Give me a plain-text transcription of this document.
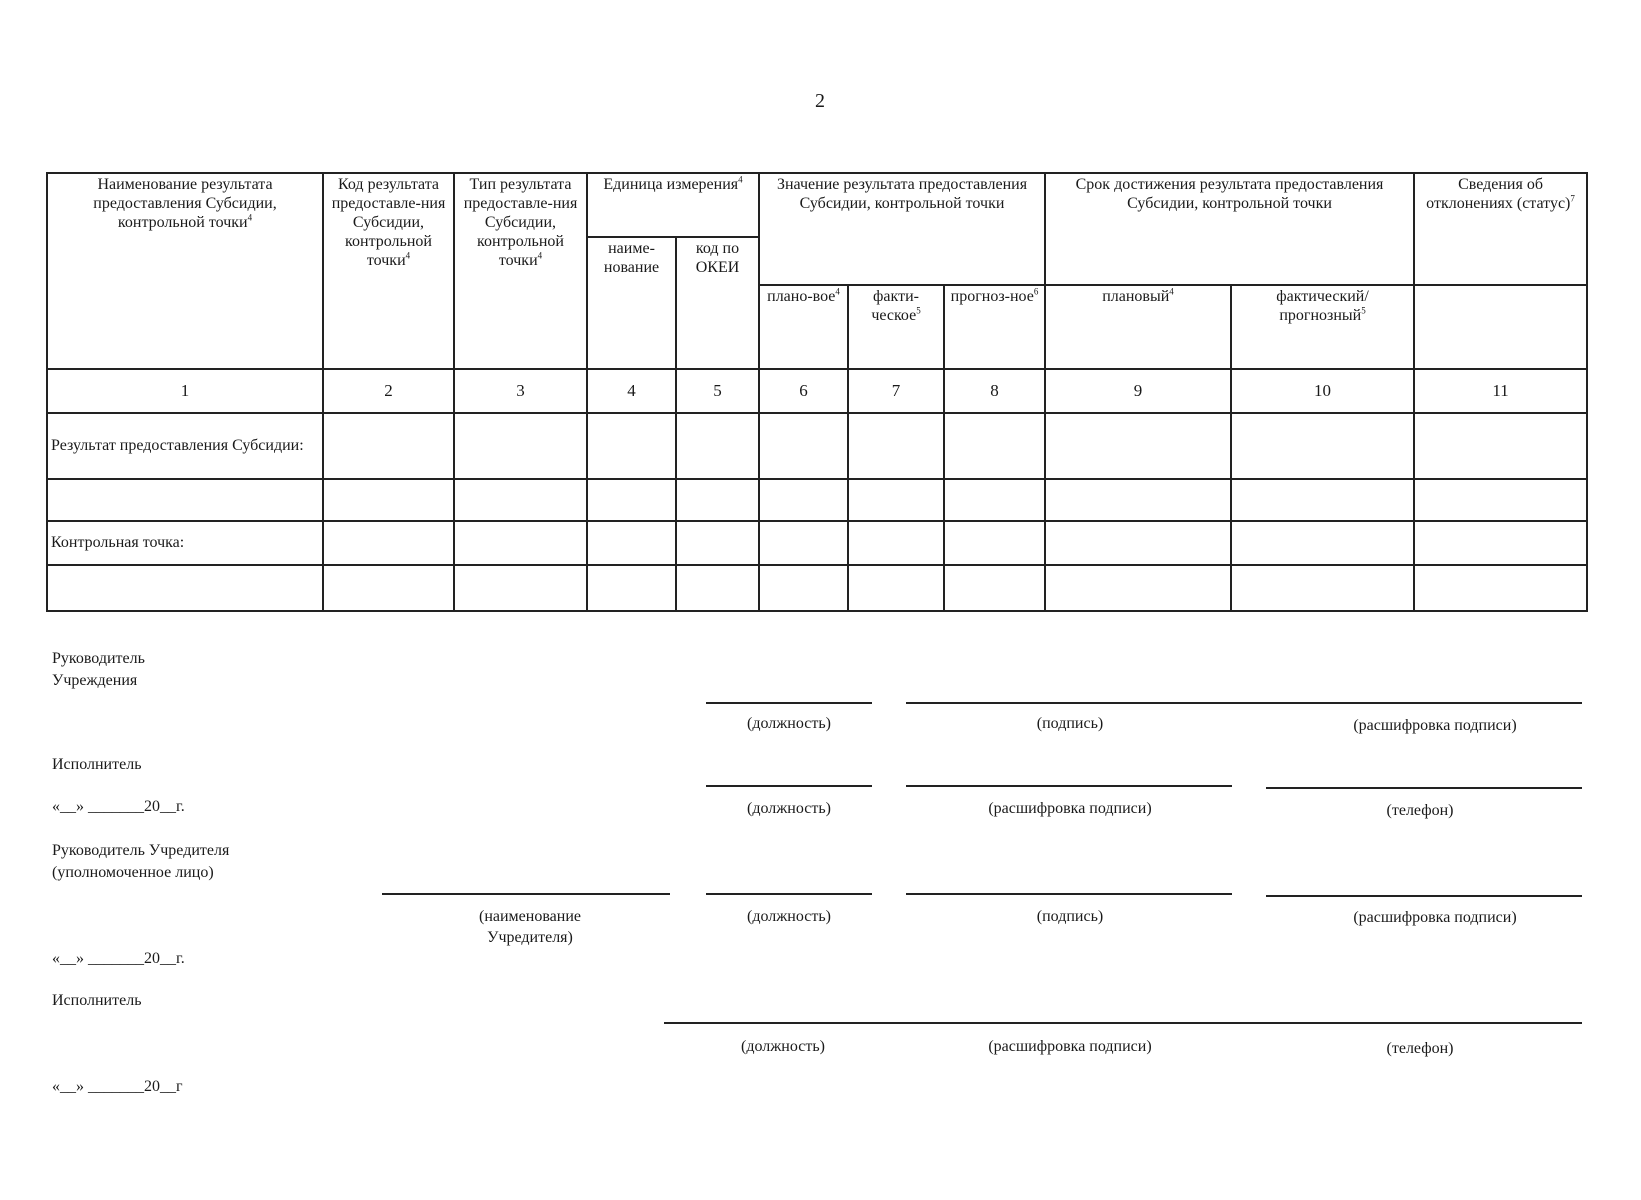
2
Наименование результата предоставления Субсидии, контрольной точки$^4$	Код результата предоставле-ния Субсидии, контрольной точки$^4$	Тип результата предоставле-ния Субсидии, контрольной точки$^4$	Единица измерения$^4$		Значение результата предоставления Субсидии, контрольной точки			Срок достижения результата предоставления Субсидии, контрольной точки		Сведения об отклонениях (статус)$^7$
			наиме-нование	код по ОКЕИ						
					плано-вое$^4$	факти-ческое$^5$	прогноз-ное$^6$	плановый$^4$	фактический/ прогнозный$^5$	
1	2	3	4	5	6	7	8	9	10	11
Результат предоставления Субсидии:										

Контрольная точка:										

Руководитель Учреждения
(должность)	(подпись)	(расшифровка подписи)
Исполнитель
(должность)	(расшифровка подписи)	(телефон)
«__» _______20__г.
Руководитель Учредителя
(уполномоченное лицо)
(наименование Учредителя)
(должность)	(подпись)	(расшифровка подписи)
«__» _______20__г.
Исполнитель
(должность)	(расшифровка подписи)	(телефон)
«__» _______20__г
